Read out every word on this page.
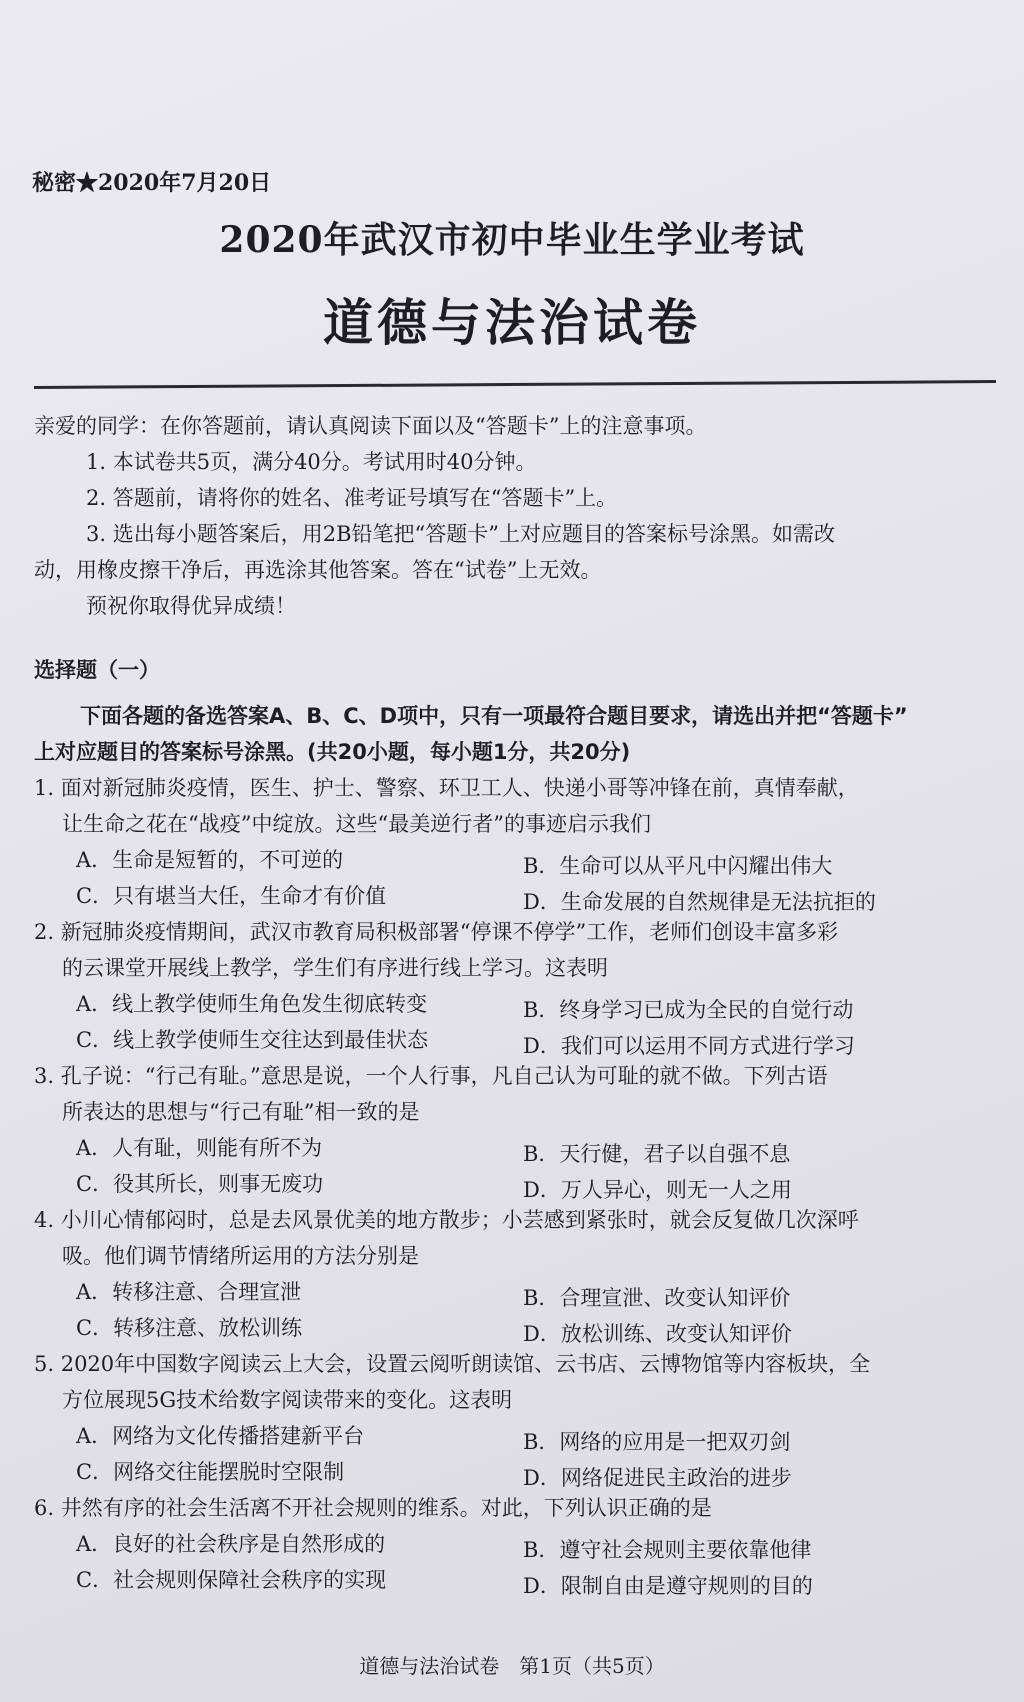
秘密★2020年7月20日
2020年武汉市初中毕业生学业考试
道德与法治试卷
亲爱的同学：在你答题前，请认真阅读下面以及“答题卡”上的注意事项。
1. 本试卷共5页，满分40分。考试用时40分钟。
2. 答题前，请将你的姓名、准考证号填写在“答题卡”上。
3. 选出每小题答案后，用2B铅笔把“答题卡”上对应题目的答案标号涂黑。如需改
动，用橡皮擦干净后，再选涂其他答案。答在“试卷”上无效。
预祝你取得优异成绩！
选择题（一）
下面各题的备选答案A、B、C、D项中，只有一项最符合题目要求，请选出并把“答题卡”
上对应题目的答案标号涂黑。(共20小题，每小题1分，共20分)
1. 面对新冠肺炎疫情，医生、护士、警察、环卫工人、快递小哥等冲锋在前，真情奉献，
让生命之花在“战疫”中绽放。这些“最美逆行者”的事迹启示我们
A．生命是短暂的，不可逆的	B．生命可以从平凡中闪耀出伟大
C．只有堪当大任，生命才有价值	D．生命发展的自然规律是无法抗拒的
2. 新冠肺炎疫情期间，武汉市教育局积极部署“停课不停学”工作，老师们创设丰富多彩
的云课堂开展线上教学，学生们有序进行线上学习。这表明
A．线上教学使师生角色发生彻底转变	B．终身学习已成为全民的自觉行动
C．线上教学使师生交往达到最佳状态	D．我们可以运用不同方式进行学习
3. 孔子说：“行己有耻。”意思是说，一个人行事，凡自己认为可耻的就不做。下列古语
所表达的思想与“行己有耻”相一致的是
A．人有耻，则能有所不为	B．天行健，君子以自强不息
C．役其所长，则事无废功	D．万人异心，则无一人之用
4. 小川心情郁闷时，总是去风景优美的地方散步；小芸感到紧张时，就会反复做几次深呼
吸。他们调节情绪所运用的方法分别是
A．转移注意、合理宣泄	B．合理宣泄、改变认知评价
C．转移注意、放松训练	D．放松训练、改变认知评价
5. 2020年中国数字阅读云上大会，设置云阅听朗读馆、云书店、云博物馆等内容板块，全
方位展现5G技术给数字阅读带来的变化。这表明
A．网络为文化传播搭建新平台	B．网络的应用是一把双刃剑
C．网络交往能摆脱时空限制	D．网络促进民主政治的进步
6. 井然有序的社会生活离不开社会规则的维系。对此，下列认识正确的是
A．良好的社会秩序是自然形成的	B．遵守社会规则主要依靠他律
C．社会规则保障社会秩序的实现	D．限制自由是遵守规则的目的
道德与法治试卷　第1页（共5页）
